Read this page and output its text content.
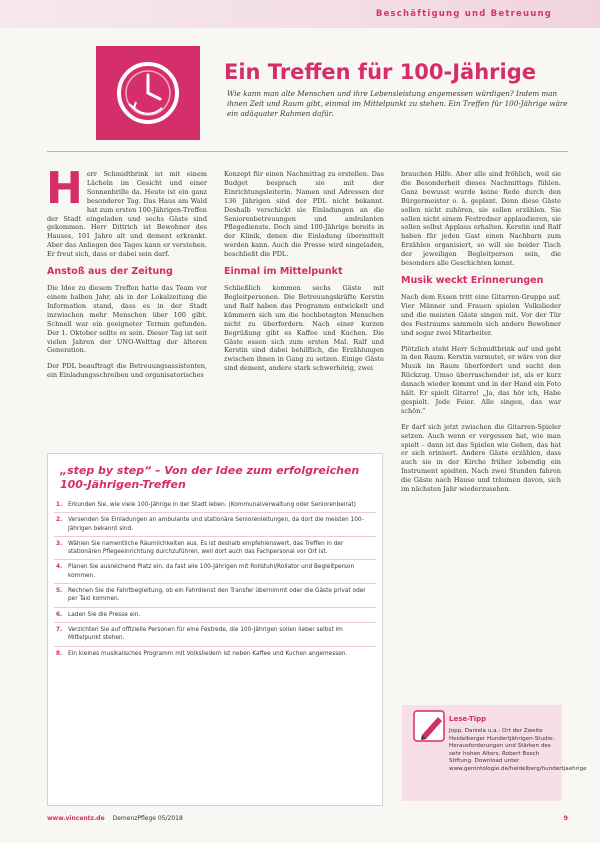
Beschäftigung und Betreuung
Ein Treffen für 100-Jährige
Wie kann man alte Menschen und ihre Lebensleistung angemessen würdigen? Indem man ihnen Zeit und Raum gibt, einmal im Mittelpunkt zu stehen. Ein Treffen für 100-Jährige wäre ein adäquater Rahmen dafür.
H err Schmidtbrink ist mit einem Lächeln im Gesicht und einer Sonnenbrille da. Heute ist ein ganz besonderer Tag. Das Haus am Wald hat zum ersten 100-Jährigen-Treffen der Stadt eingeladen und sechs Gäste sind gekommen. Herr Dittrich ist Bewohner des Hauses, 101 Jahre alt und dement erkrankt. Aber das Anliegen des Tages kann er verstehen. Er freut sich, dass er dabei sein darf.

Anstoß aus der Zeitung

Die Idee zu diesem Treffen hatte das Team vor einem halben Jahr, als in der Lokalzeitung die Information stand, dass es in der Stadt inzwischen mehr Menschen über 100 gibt. Schnell war ein geeigneter Termin gefunden. Der 1. Oktober sollte es sein. Dieser Tag ist seit vielen Jahren der UNO-Welttag der älteren Generation.

Der PDL beauftragt die Betreuungsassistenten, ein Einladungsschreiben und organisatorisches

Konzept für einen Nachmittag zu erstellen. Das Budget besprach sie mit der Einrichtungsleiterin. Namen und Adressen der 136 Jährigen sind der PDL nicht bekannt. Deshalb verschickt sie Einladungen an die Seniorenbetreuungen und ambulanten Pflegedienste. Doch sind 100-Jährige bereits in der Klinik, denen die Einladung übermittelt werden kann. Auch die Presse wird eingeladen, beschließt die PDL.

Einmal im Mittelpunkt

Schließlich kommen sechs Gäste mit Begleitpersonen. Die Betreuungskräfte Kerstin und Ralf haben das Programm entwickelt und kümmern sich um die hochbetagten Menschen nicht zu überfordern. Nach einer kurzen Begrüßung gibt es Kaffee und Kuchen. Die Gäste essen sich zum ersten Mal. Ralf und Kerstin sind dabei behilflich, die Erzählungen zwischen ihnen in Gang zu setzen. Einige Gäste sind dement, andere stark schwerhörig, zwei

brauchen Hilfe. Aber alle sind fröhlich, weil sie die Besonderheit dieses Nachmittags fühlen. Ganz bewusst wurde keine Rede durch den Bürgermeister o. ä. geplant. Denn diese Gäste sollen nicht zuhören, sie sollen erzählen. Sie sollen nicht einem Festredner applaudieren, sie sollen selbst Applaus erhalten. Kerstin und Ralf haben für jeden Gast einen Nachbarn zum Erzählen organisiert, so will sie beider Tisch der jeweiligen Begleitperson sein, die besonders alle Geschichten kennt.

Musik weckt Erinnerungen

Nach dem Essen tritt eine Gitarren-Gruppe auf. Vier Männer und Frauen spielen Volkslieder und die meisten Gäste singen mit. Vor der Tür des Festraums sammeln sich andere Bewohner und sogar zwei Mitarbeiter.

Plötzlich steht Herr Schmidtbrink auf und geht in den Raum. Kerstin vermutet, er wäre von der Musik im Raum überfordert und sucht den Rückzug. Umso überraschender ist, als er kurz danach wieder kommt und in der Hand ein Foto hält. Er spielt Gitarre! „Ja, das hör ich, Habe gespielt. Jede Feier. Alle singen, das war schön.“

Er darf sich jetzt zwischen die Gitarren-Spieler setzen. Auch wenn er vergessen hat, wie man spielt – dann ist das Spielen wie Gehen, das hat er sich erinnert. Andere Gäste erzählen, dass auch sie in der Kirche früher lebendig ein Instrument spielten. Nach zwei Stunden fahren die Gäste nach Hause und träumen davon, sich im nächsten Jahr wiederzusehen.

„step by step“ – Von der Idee zum erfolgreichen 100-Jährigen-Treffen
1. Erkunden Sie, wie viele 100-Jährige in der Stadt leben. (Kommunalverwaltung oder Seniorenbeirat)
2. Versenden Sie Einladungen an ambulante und stationäre Seniorenleitungen, da dort die meisten 100-Jährigen bekannt sind.
3. Wählen Sie namentliche Räumlichkeiten aus. Es ist deshalb empfehlenswert, das Treffen in der stationären Pflegeeinrichtung durchzuführen, weil dort auch das Fachpersonal vor Ort ist.
4. Planen Sie ausreichend Platz ein, da fast alle 100-Jährigen mit Rollstuhl/Rollator und Begleitperson kommen.
5. Rechnen Sie die Fahrtbegleitung, ob ein Fahrdienst den Transfer übernimmt oder die Gäste privat oder per Taxi kommen.
6. Laden Sie die Presse ein.
7. Verzichten Sie auf offizielle Personen für eine Festrede, die 100-Jährigen sollen lieber selbst im Mittelpunkt stehen.
8. Ein kleines musikalisches Programm mit Volksliedern ist neben Kaffee und Kuchen angemessen.
Lese-Tipp
Jopp, Daniela u.a.: Ort der Zweite Heidelberger Hundertjährigen-Studie: Herausforderungen und Stärken des sehr hohen Alters. Robert Bosch Stiftung. Download unter www.gerontologie.de/heidelberg/hundertjaehrige
www.vincentz.de DemenzPflege 05/2018	9
